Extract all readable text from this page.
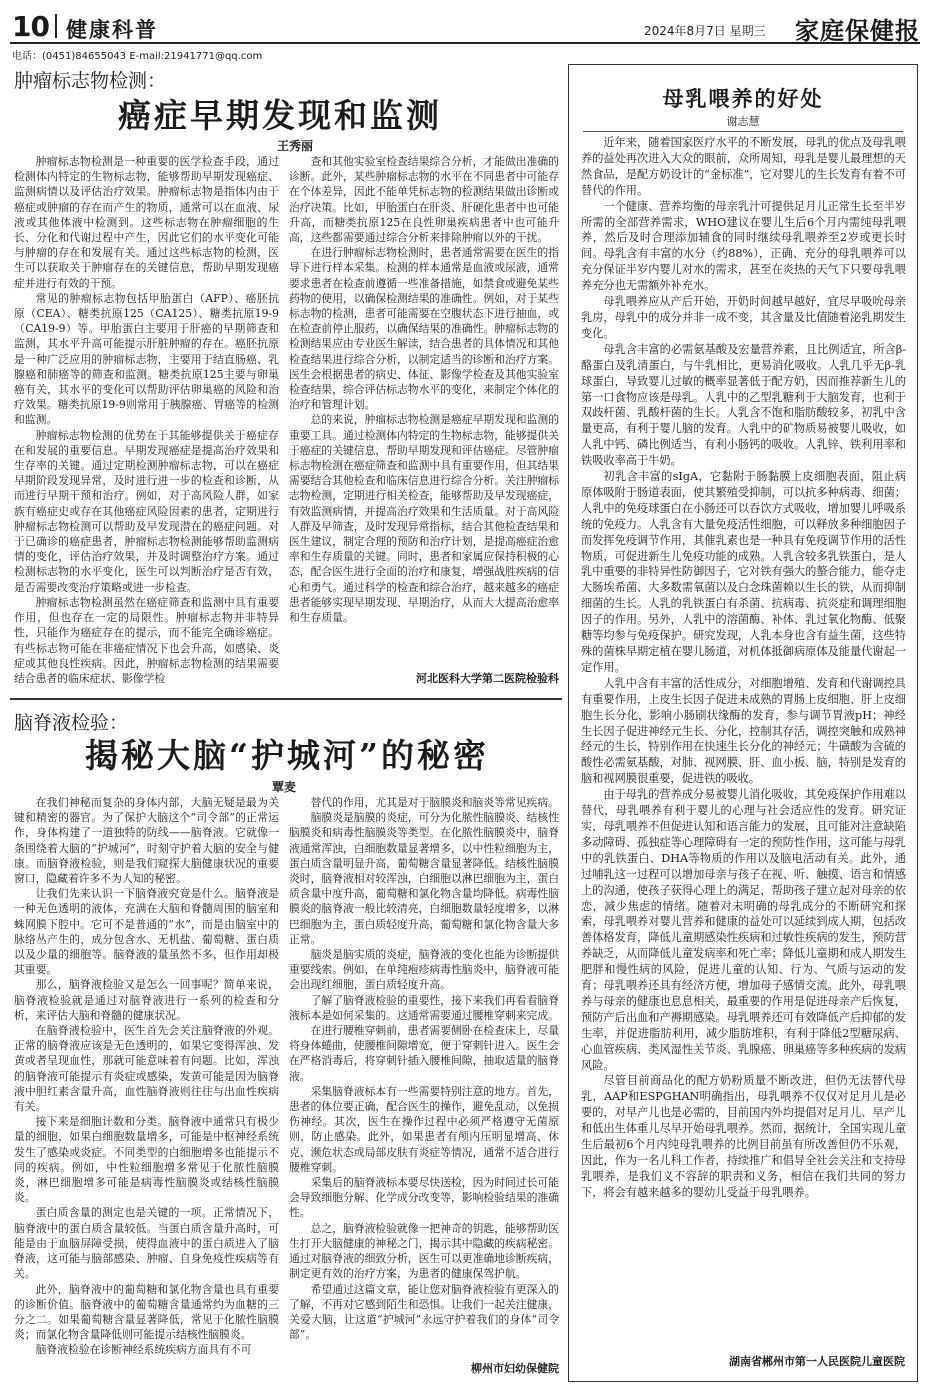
10 健康科普	2024年8月7日 星期三 家庭保健报
电话：(0451)84655043 E-mail:21941771@qq.com
肿瘤标志物检测：
癌症早期发现和监测
王秀丽

肿瘤标志物检测是一种重要的医学检查手段，通过检测体内特定的生物标志物，能够帮助早期发现癌症、监测病情以及评估治疗效果。肿瘤标志物是指体内由于癌症或肿瘤的存在而产生的物质，通常可以在血液、尿液或其他体液中检测到。这些标志物在肿瘤细胞的生长、分化和代谢过程中产生，因此它们的水平变化可能与肿瘤的存在和发展有关。通过这些标志物的检测，医生可以获取关于肿瘤存在的关键信息，帮助早期发现癌症并进行有效的干预。

常见的肿瘤标志物包括甲胎蛋白（AFP）、癌胚抗原（CEA）、糖类抗原125（CA125）、糖类抗原19-9（CA19-9）等。甲胎蛋白主要用于肝癌的早期筛查和监测，其水平升高可能提示肝脏肿瘤的存在。癌胚抗原是一种广泛应用的肿瘤标志物，主要用于结直肠癌、乳腺癌和肺癌等的筛查和监测。糖类抗原125主要与卵巢癌有关，其水平的变化可以帮助评估卵巢癌的风险和治疗效果。糖类抗原19-9则常用于胰腺癌、胃癌等的检测和监测。

肿瘤标志物检测的优势在于其能够提供关于癌症存在和发展的重要信息。早期发现癌症是提高治疗效果和生存率的关键。通过定期检测肿瘤标志物，可以在癌症早期阶段发现异常，及时进行进一步的检查和诊断，从而进行早期干预和治疗。例如，对于高风险人群，如家族有癌症史或存在其他癌症风险因素的患者，定期进行肿瘤标志物检测可以帮助及早发现潜在的癌症问题。对于已确诊的癌症患者，肿瘤标志物检测能够帮助监测病情的变化，评估治疗效果，并及时调整治疗方案。通过检测标志物的水平变化，医生可以判断治疗是否有效，是否需要改变治疗策略或进一步检查。

肿瘤标志物检测虽然在癌症筛查和监测中具有重要作用，但也存在一定的局限性。肿瘤标志物并非特异性，只能作为癌症存在的提示，而不能完全确诊癌症。有些标志物可能在非癌症情况下也会升高，如感染、炎症或其他良性疾病。因此，肿瘤标志物检测的结果需要结合患者的临床症状、影像学检

查和其他实验室检查结果综合分析，才能做出准确的诊断。此外，某些肿瘤标志物的水平在不同患者中可能存在个体差异，因此不能单凭标志物的检测结果做出诊断或治疗决策。比如，甲胎蛋白在肝炎、肝硬化患者中也可能升高，而糖类抗原125在良性卵巢疾病患者中也可能升高，这些都需要通过综合分析来排除肿瘤以外的干扰。

在进行肿瘤标志物检测时，患者通常需要在医生的指导下进行样本采集。检测的样本通常是血液或尿液，通常要求患者在检查前遵循一些准备措施，如禁食或避免某些药物的使用，以确保检测结果的准确性。例如，对于某些标志物的检测，患者可能需要在空腹状态下进行抽血，或在检查前停止服药，以确保结果的准确性。肿瘤标志物的检测结果应由专业医生解读，结合患者的具体情况和其他检查结果进行综合分析，以制定适当的诊断和治疗方案。医生会根据患者的病史、体征、影像学检查及其他实验室检查结果，综合评估标志物水平的变化，来制定个体化的治疗和管理计划。

总的来说，肿瘤标志物检测是癌症早期发现和监测的重要工具。通过检测体内特定的生物标志物，能够提供关于癌症的关键信息，帮助早期发现和评估癌症。尽管肿瘤标志物检测在癌症筛查和监测中具有重要作用，但其结果需要结合其他检查和临床信息进行综合分析。关注肿瘤标志物检测，定期进行相关检查，能够帮助及早发现癌症，有效监测病情，并提高治疗效果和生活质量。对于高风险人群及早筛查，及时发现异常指标，结合其他检查结果和医生建议，制定合理的预防和治疗计划，是提高癌症治愈率和生存质量的关键。同时，患者和家属应保持积极的心态，配合医生进行全面的治疗和康复，增强战胜疾病的信心和勇气。通过科学的检查和综合治疗，越来越多的癌症患者能够实现早期发现、早期治疗，从而大大提高治愈率和生存质量。

河北医科大学第二医院检验科
脑脊液检验：
揭秘大脑“护城河”的秘密
覃麦

在我们神秘而复杂的身体内部，大脑无疑是最为关键和精密的器官。为了保护大脑这个“司令部”的正常运作，身体构建了一道独特的防线——脑脊液。它就像一条围绕着大脑的“护城河”，时刻守护着大脑的安全与健康。而脑脊液检验，则是我们窥探大脑健康状况的重要窗口，隐藏着许多不为人知的秘密。

让我们先来认识一下脑脊液究竟是什么。脑脊液是一种无色透明的液体，充满在大脑和脊髓周围的脑室和蛛网膜下腔中。它可不是普通的“水”，而是由脑室中的脉络丛产生的，成分包含水、无机盐、葡萄糖、蛋白质以及少量的细胞等。脑脊液的量虽然不多，但作用却极其重要。

那么，脑脊液检验又是怎么一回事呢？简单来说，脑脊液检验就是通过对脑脊液进行一系列的检查和分析，来评估大脑和脊髓的健康状况。

在脑脊液检验中，医生首先会关注脑脊液的外观。正常的脑脊液应该是无色透明的，如果它变得浑浊、发黄或者呈现血性，那就可能意味着有问题。比如，浑浊的脑脊液可能提示有炎症或感染，发黄可能是因为脑脊液中胆红素含量升高，血性脑脊液则往往与出血性疾病有关。

接下来是细胞计数和分类。脑脊液中通常只有极少量的细胞，如果白细胞数量增多，可能是中枢神经系统发生了感染或炎症。不同类型的白细胞增多也能提示不同的疾病。例如，中性粒细胞增多常见于化脓性脑膜炎，淋巴细胞增多可能是病毒性脑膜炎或结核性脑膜炎。

蛋白质含量的测定也是关键的一项。正常情况下，脑脊液中的蛋白质含量较低。当蛋白质含量升高时，可能是由于血脑屏障受损，使得血液中的蛋白质进入了脑脊液，这可能与脑部感染、肿瘤、自身免疫性疾病等有关。

此外，脑脊液中的葡萄糖和氯化物含量也具有重要的诊断价值。脑脊液中的葡萄糖含量通常约为血糖的三分之二。如果葡萄糖含量显著降低，常见于化脓性脑膜炎；而氯化物含量降低则可能提示结核性脑膜炎。

脑脊液检验在诊断神经系统疾病方面具有不可

替代的作用，尤其是对于脑膜炎和脑炎等常见疾病。

脑膜炎是脑膜的炎症，可分为化脓性脑膜炎、结核性脑膜炎和病毒性脑膜炎等类型。在化脓性脑膜炎中，脑脊液通常浑浊，白细胞数量显著增多，以中性粒细胞为主，蛋白质含量明显升高，葡萄糖含量显著降低。结核性脑膜炎时，脑脊液相对较浑浊，白细胞以淋巴细胞为主，蛋白质含量中度升高，葡萄糖和氯化物含量均降低。病毒性脑膜炎的脑脊液一般比较清亮，白细胞数量轻度增多，以淋巴细胞为主，蛋白质轻度升高，葡萄糖和氯化物含量大多正常。

脑炎是脑实质的炎症，脑脊液的变化也能为诊断提供重要线索。例如，在单纯疱疹病毒性脑炎中，脑脊液可能会出现红细胞，蛋白质轻度升高。

了解了脑脊液检验的重要性，接下来我们再看看脑脊液标本是如何采集的。这通常需要通过腰椎穿刺来完成。

在进行腰椎穿刺前，患者需要侧卧在检查床上，尽量将身体蜷曲，使腰椎间隙增宽，便于穿刺针进入。医生会在严格消毒后，将穿刺针插入腰椎间隙，抽取适量的脑脊液。

采集脑脊液标本有一些需要特别注意的地方。首先，患者的体位要正确，配合医生的操作，避免乱动，以免损伤神经。其次，医生在操作过程中必须严格遵守无菌原则，防止感染。此外，如果患者有颅内压明显增高、休克、濒危状态或局部皮肤有炎症等情况，通常不适合进行腰椎穿刺。

采集后的脑脊液标本要尽快送检，因为时间过长可能会导致细胞分解、化学成分改变等，影响检验结果的准确性。

总之，脑脊液检验就像一把神奇的钥匙，能够帮助医生打开大脑健康的神秘之门，揭示其中隐藏的疾病秘密。通过对脑脊液的细致分析，医生可以更准确地诊断疾病，制定更有效的治疗方案，为患者的健康保驾护航。

希望通过这篇文章，能让您对脑脊液检验有更深入的了解，不再对它感到陌生和恐惧。让我们一起关注健康，关爱大脑，让这道“护城河”永远守护着我们的身体“司令部”。

柳州市妇幼保健院
母乳喂养的好处
谢志慧

近年来，随着国家医疗水平的不断发展，母乳的优点及母乳喂养的益处再次进入大众的眼前，众所周知，母乳是婴儿最理想的天然食品，是配方奶设计的“金标准”，它对婴儿的生长发育有着不可替代的作用。

一个健康、营养均衡的母亲乳汁可提供足月儿正常生长至半岁所需的全部营养需求，WHO建议在婴儿生后6个月内需纯母乳喂养，然后及时合理添加辅食的同时继续母乳喂养至2岁或更长时间。母乳含有丰富的水分（约88%），正确、充分的母乳喂养可以充分保证半岁内婴儿对水的需求，甚至在炎热的天气下只要母乳喂养充分也无需额外补充水。

母乳喂养应从产后开始，开奶时间越早越好，宜尽早吸吮母亲乳房，母乳中的成分并非一成不变，其含量及比值随着泌乳期发生变化。

母乳含丰富的必需氨基酸及宏量营养素，且比例适宜，所含β-酪蛋白及乳清蛋白，与牛乳相比，更易消化吸收。人乳几乎无β-乳球蛋白，导致婴儿过敏的概率显著低于配方奶，因而推荐新生儿的第一口食物应该是母乳。人乳中的乙型乳糖利于大脑发育，也利于双歧杆菌、乳酸杆菌的生长。人乳含不饱和脂肪酸较多，初乳中含量更高，有利于婴儿脑的发育。人乳中的矿物质易被婴儿吸收，如人乳中钙、磷比例适当，有利小肠钙的吸收。人乳锌、铁利用率和铁吸收率高于牛奶。

初乳含丰富的sIgA，它黏附于肠黏膜上皮细胞表面，阻止病原体吸附于肠道表面，使其繁殖受抑制，可以抗多种病毒、细菌；人乳中的免疫球蛋白在小肠还可以吞饮方式吸收，增加婴儿呼吸系统的免疫力。人乳含有大量免疫活性细胞，可以释放多种细胞因子而发挥免疫调节作用，其催乳素也是一种具有免疫调节作用的活性物质，可促进新生儿免疫功能的成熟。人乳含较多乳铁蛋白，是人乳中重要的非特异性防御因子，它对铁有强大的螯合能力，能夺走大肠埃希菌、大多数需氧菌以及白念珠菌赖以生长的铁，从而抑制细菌的生长。人乳的乳铁蛋白有杀菌、抗病毒、抗炎症和调理细胞因子的作用。另外，人乳中的溶菌酶、补体、乳过氧化物酶、低聚糖等均参与免疫保护。研究发现，人乳本身也含有益生菌，这些特殊的菌株早期定植在婴儿肠道，对机体抵御病原体及能量代谢起一定作用。

人乳中含有丰富的活性成分，对细胞增殖、发育和代谢调控具有重要作用，上皮生长因子促进未成熟的胃肠上皮细胞、肝上皮细胞生长分化，影响小肠刷状缘酶的发育，参与调节胃液pH；神经生长因子促进神经元生长、分化，控制其存活，调控突触和成熟神经元的生长，特别作用在快速生长分化的神经元；牛磺酸为含硫的酸性必需氨基酸，对肺、视网膜、肝、血小板、脑，特别是发育的脑和视网膜很重要，促进铁的吸收。

由于母乳的营养成分易被婴儿消化吸收，其免疫保护作用难以替代，母乳喂养有利于婴儿的心理与社会适应性的发育。研究证实，母乳喂养不但促进认知和语言能力的发展，且可能对注意缺陷多动障碍、孤独症等心理障碍有一定的预防性作用，这可能与母乳中的乳铁蛋白、DHA等物质的作用以及脑电活动有关。此外，通过哺乳这一过程可以增加母亲与孩子在视、听、触摸、语言和情感上的沟通，使孩子获得心理上的满足，帮助孩子建立起对母亲的依恋，减少焦虑的情绪。随着对未明确的母乳成分的不断研究和探索，母乳喂养对婴儿营养和健康的益处可以延续到成人期，包括改善体格发育，降低儿童期感染性疾病和过敏性疾病的发生，预防营养缺乏，从而降低儿童发病率和死亡率；降低儿童期和成人期发生肥胖和慢性病的风险，促进儿童的认知、行为、气质与运动的发育；母乳喂养还具有经济方便，增加母子感情交流。此外，母乳喂养与母亲的健康也息息相关，最重要的作用是促进母亲产后恢复，预防产后出血和产褥期感染。母乳喂养还可有效降低产后抑郁的发生率，并促进脂肪利用，减少脂肪堆积，有利于降低2型糖尿病、心血管疾病、类风湿性关节炎、乳腺癌、卵巢癌等多种疾病的发病风险。

尽管目前商品化的配方奶粉质量不断改进，但仍无法替代母乳，AAP和ESPGHAN明确指出，母乳喂养不仅仅对足月儿是必要的，对早产儿也是必需的，目前国内外均提倡对足月儿、早产儿和低出生体重儿尽早开始母乳喂养。然而，据统计，全国实现儿童生后最初6个月内纯母乳喂养的比例目前虽有所改善但仍不乐观，因此，作为一名儿科工作者，持续推广和倡导全社会关注和支持母乳喂养，是我们义不容辞的职责和义务，相信在我们共同的努力下，将会有越来越多的婴幼儿受益于母乳喂养。

湖南省郴州市第一人民医院儿童医院
